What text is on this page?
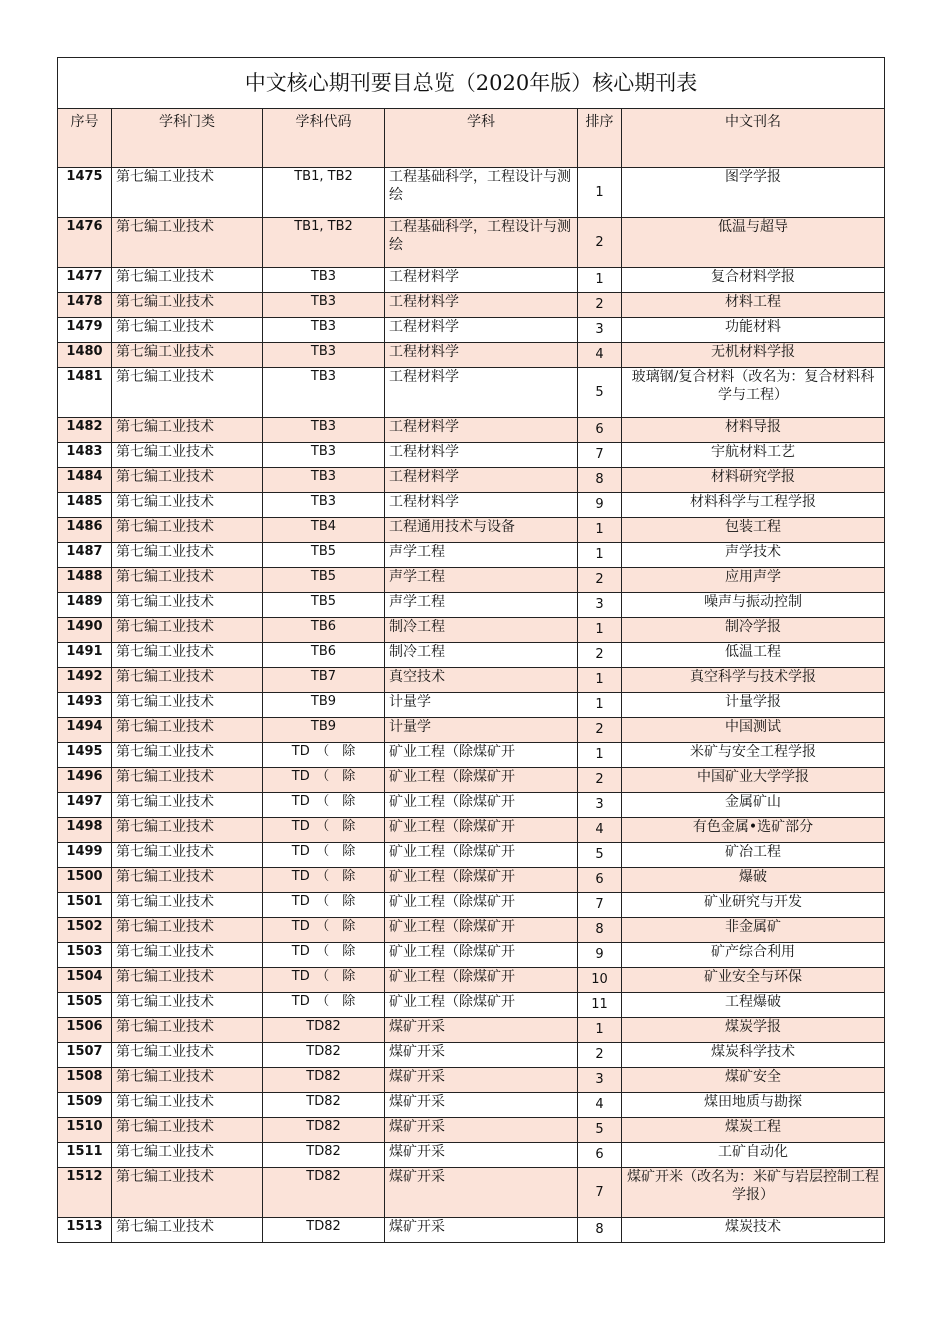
中文核心期刊要目总览（2020年版）核心期刊表					
序号	学科门类	学科代码	学科	排序	中文刊名
1475	第七编工业技术	TB1, TB2	工程基础科学，工程设计与测绘	1	图学学报
1476	第七编工业技术	TB1, TB2	工程基础科学，工程设计与测绘	2	低温与超导
1477	第七编工业技术	TB3	工程材料学	1	复合材料学报
1478	第七编工业技术	TB3	工程材料学	2	材料工程
1479	第七编工业技术	TB3	工程材料学	3	功能材料
1480	第七编工业技术	TB3	工程材料学	4	无机材料学报
1481	第七编工业技术	TB3	工程材料学	5	玻璃钢/复合材料（改名为：复合材料科学与工程）
1482	第七编工业技术	TB3	工程材料学	6	材料导报
1483	第七编工业技术	TB3	工程材料学	7	宇航材料工艺
1484	第七编工业技术	TB3	工程材料学	8	材料研究学报
1485	第七编工业技术	TB3	工程材料学	9	材料科学与工程学报
1486	第七编工业技术	TB4	工程通用技术与设备	1	包装工程
1487	第七编工业技术	TB5	声学工程	1	声学技术
1488	第七编工业技术	TB5	声学工程	2	应用声学
1489	第七编工业技术	TB5	声学工程	3	噪声与振动控制
1490	第七编工业技术	TB6	制冷工程	1	制冷学报
1491	第七编工业技术	TB6	制冷工程	2	低温工程
1492	第七编工业技术	TB7	真空技术	1	真空科学与技术学报
1493	第七编工业技术	TB9	计量学	1	计量学报
1494	第七编工业技术	TB9	计量学	2	中国测试
1495	第七编工业技术	TD　（　除	矿业工程（除煤矿开	1	米矿与安全工程学报
1496	第七编工业技术	TD　（　除	矿业工程（除煤矿开	2	中国矿业大学学报
1497	第七编工业技术	TD　（　除	矿业工程（除煤矿开	3	金属矿山
1498	第七编工业技术	TD　（　除	矿业工程（除煤矿开	4	有色金属•选矿部分
1499	第七编工业技术	TD　（　除	矿业工程（除煤矿开	5	矿冶工程
1500	第七编工业技术	TD　（　除	矿业工程（除煤矿开	6	爆破
1501	第七编工业技术	TD　（　除	矿业工程（除煤矿开	7	矿业研究与开发
1502	第七编工业技术	TD　（　除	矿业工程（除煤矿开	8	非金属矿
1503	第七编工业技术	TD　（　除	矿业工程（除煤矿开	9	矿产综合利用
1504	第七编工业技术	TD　（　除	矿业工程（除煤矿开	10	矿业安全与环保
1505	第七编工业技术	TD　（　除	矿业工程（除煤矿开	11	工程爆破
1506	第七编工业技术	TD82	煤矿开采	1	煤炭学报
1507	第七编工业技术	TD82	煤矿开采	2	煤炭科学技术
1508	第七编工业技术	TD82	煤矿开采	3	煤矿安全
1509	第七编工业技术	TD82	煤矿开采	4	煤田地质与勘探
1510	第七编工业技术	TD82	煤矿开采	5	煤炭工程
1511	第七编工业技术	TD82	煤矿开采	6	工矿自动化
1512	第七编工业技术	TD82	煤矿开采	7	煤矿开米（改名为：米矿与岩层控制工程学报）
1513	第七编工业技术	TD82	煤矿开采	8	煤炭技术
